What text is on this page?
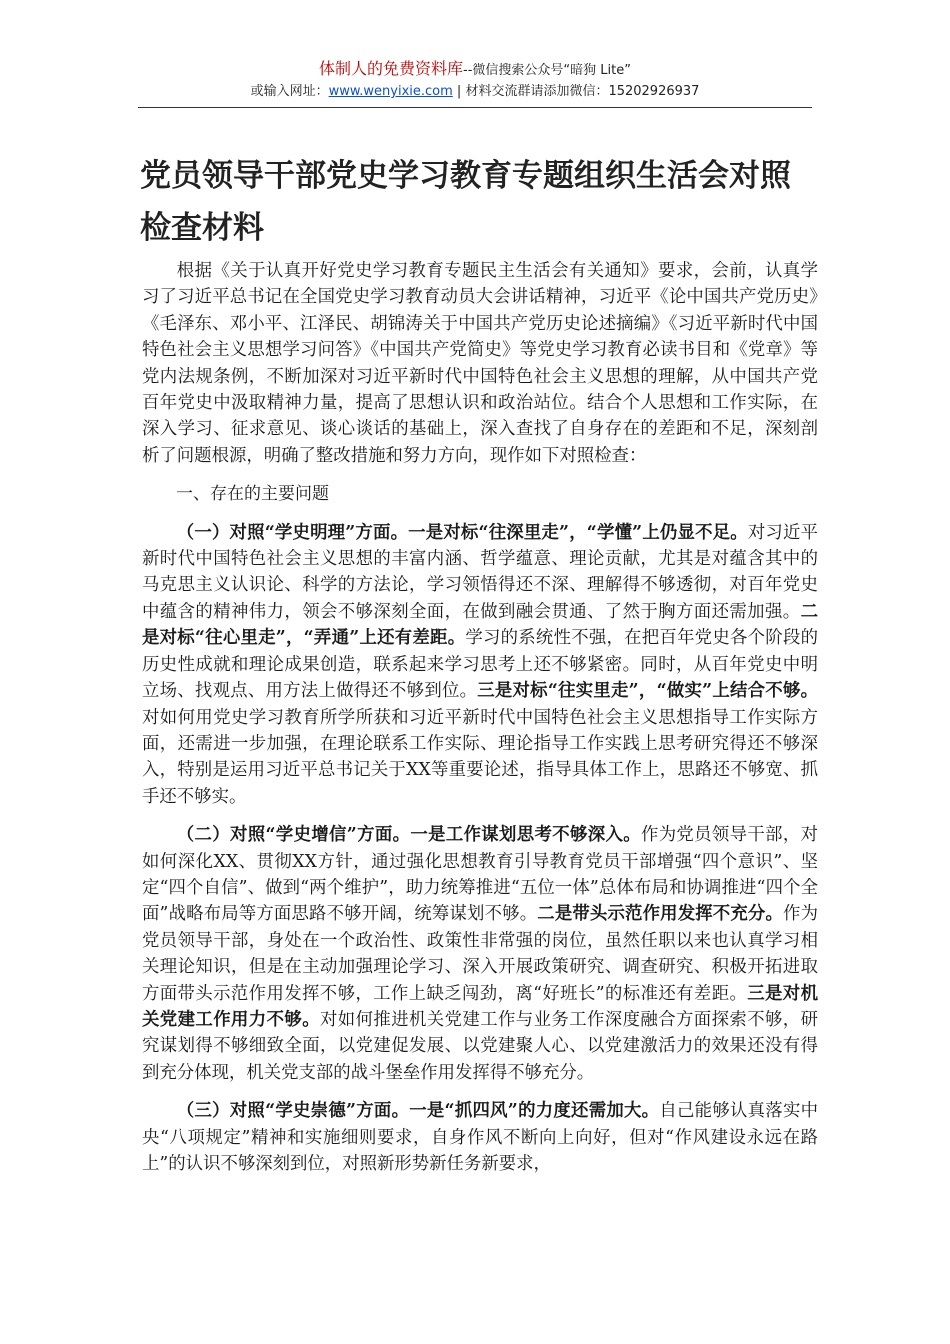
体制人的免费资料库--微信搜索公众号“暗狗 Lite”
或输入网址：www.wenyixie.com | 材料交流群请添加微信：15202926937
党员领导干部党史学习教育专题组织生活会对照检查材料

根据《关于认真开好党史学习教育专题民主生活会有关通知》要求，会前，认真学习了习近平总书记在全国党史学习教育动员大会讲话精神，习近平《论中国共产党历史》《毛泽东、邓小平、江泽民、胡锦涛关于中国共产党历史论述摘编》《习近平新时代中国特色社会主义思想学习问答》《中国共产党简史》等党史学习教育必读书目和《党章》等党内法规条例，不断加深对习近平新时代中国特色社会主义思想的理解，从中国共产党百年党史中汲取精神力量，提高了思想认识和政治站位。结合个人思想和工作实际，在深入学习、征求意见、谈心谈话的基础上，深入查找了自身存在的差距和不足，深刻剖析了问题根源，明确了整改措施和努力方向，现作如下对照检查：

一、存在的主要问题

（一）对照“学史明理”方面。一是对标“往深里走”，“学懂”上仍显不足。对习近平新时代中国特色社会主义思想的丰富内涵、哲学蕴意、理论贡献，尤其是对蕴含其中的马克思主义认识论、科学的方法论，学习领悟得还不深、理解得不够透彻，对百年党史中蕴含的精神伟力，领会不够深刻全面，在做到融会贯通、了然于胸方面还需加强。二是对标“往心里走”，“弄通”上还有差距。学习的系统性不强，在把百年党史各个阶段的历史性成就和理论成果创造，联系起来学习思考上还不够紧密。同时，从百年党史中明立场、找观点、用方法上做得还不够到位。三是对标“往实里走”，“做实”上结合不够。对如何用党史学习教育所学所获和习近平新时代中国特色社会主义思想指导工作实际方面，还需进一步加强，在理论联系工作实际、理论指导工作实践上思考研究得还不够深入，特别是运用习近平总书记关于XX等重要论述，指导具体工作上，思路还不够宽、抓手还不够实。

（二）对照“学史增信”方面。一是工作谋划思考不够深入。作为党员领导干部，对如何深化XX、贯彻XX方针，通过强化思想教育引导教育党员干部增强“四个意识”、坚定“四个自信”、做到“两个维护”，助力统筹推进“五位一体”总体布局和协调推进“四个全面”战略布局等方面思路不够开阔，统筹谋划不够。二是带头示范作用发挥不充分。作为党员领导干部，身处在一个政治性、政策性非常强的岗位，虽然任职以来也认真学习相关理论知识，但是在主动加强理论学习、深入开展政策研究、调查研究、积极开拓进取方面带头示范作用发挥不够，工作上缺乏闯劲，离“好班长”的标准还有差距。三是对机关党建工作用力不够。对如何推进机关党建工作与业务工作深度融合方面探索不够，研究谋划得不够细致全面，以党建促发展、以党建聚人心、以党建激活力的效果还没有得到充分体现，机关党支部的战斗堡垒作用发挥得不够充分。

（三）对照“学史崇德”方面。一是“抓四风”的力度还需加大。自己能够认真落实中央“八项规定”精神和实施细则要求，自身作风不断向上向好，但对“作风建设永远在路上”的认识不够深刻到位，对照新形势新任务新要求，
